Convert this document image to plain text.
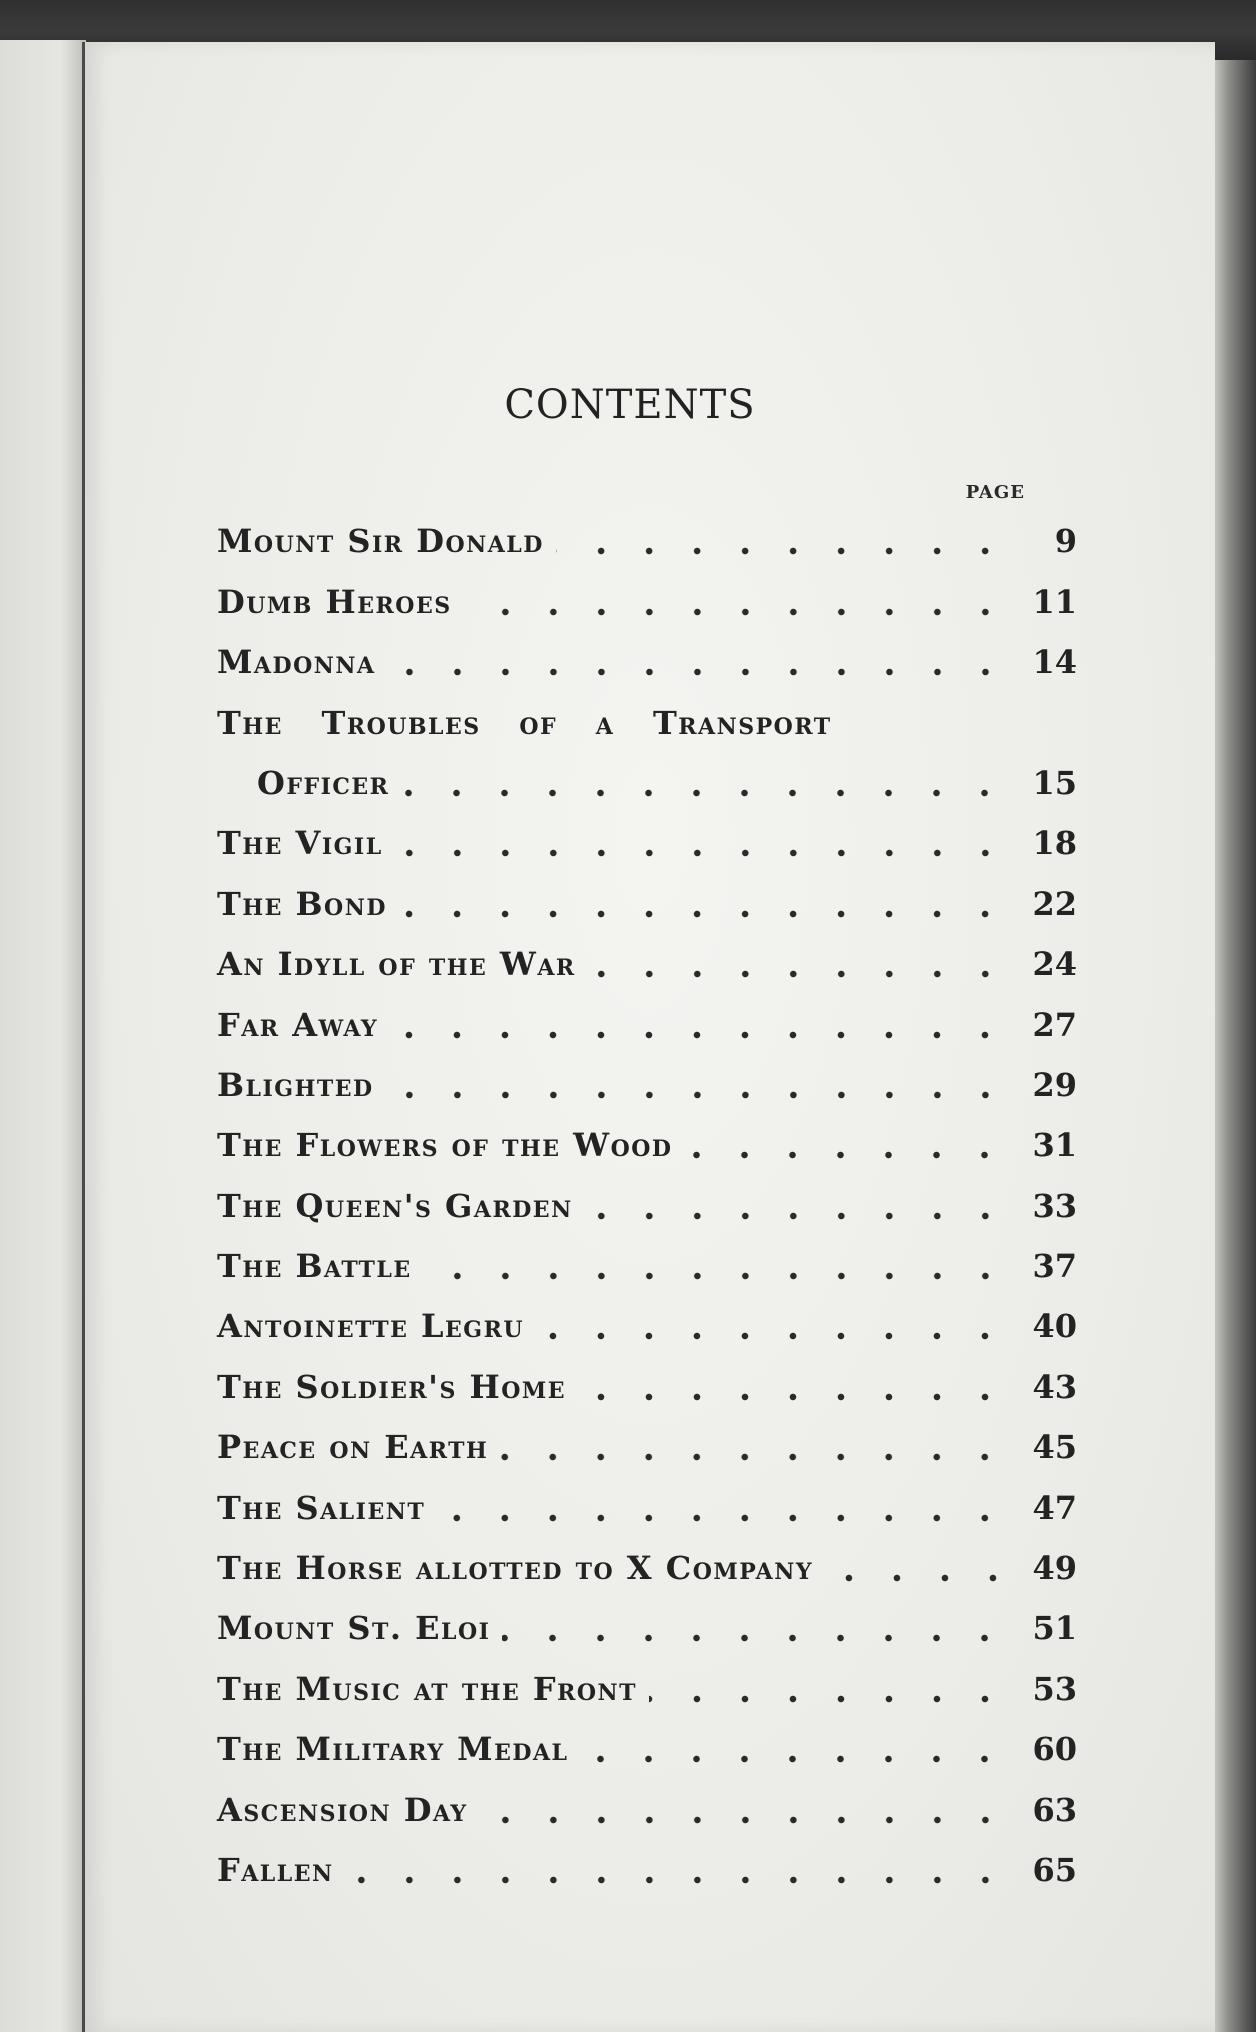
CONTENTS
PAGE
Mount Sir Donald	9
Dumb Heroes	11
Madonna	14
The Troubles of a Transport
Officer	15
The Vigil	18
The Bond	22
An Idyll of the War	24
Far Away	27
Blighted	29
The Flowers of the Wood	31
The Queen's Garden	33
The Battle	37
Antoinette Legru	40
The Soldier's Home	43
Peace on Earth	45
The Salient	47
The Horse allotted to X Company	49
Mount St. Eloi	51
The Music at the Front	53
The Military Medal	60
Ascension Day	63
Fallen	65
